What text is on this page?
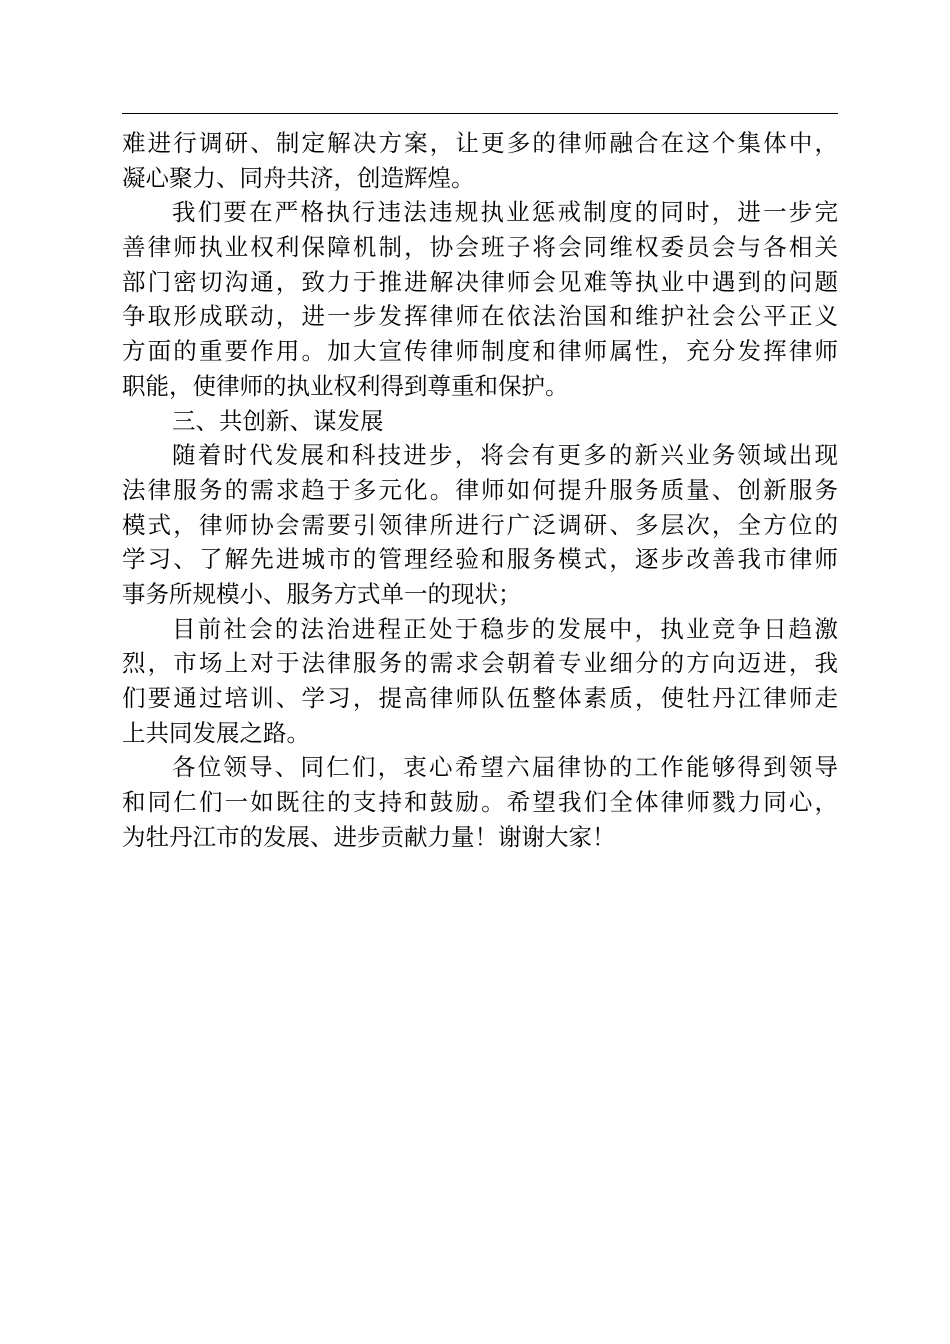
难进行调研、制定解决方案，让更多的律师融合在这个集体中，
凝心聚力、同舟共济，创造辉煌。
我们要在严格执行违法违规执业惩戒制度的同时，进一步完
善律师执业权利保障机制，协会班子将会同维权委员会与各相关
部门密切沟通，致力于推进解决律师会见难等执业中遇到的问题
争取形成联动，进一步发挥律师在依法治国和维护社会公平正义
方面的重要作用。加大宣传律师制度和律师属性，充分发挥律师
职能，使律师的执业权利得到尊重和保护。
三、共创新、谋发展
随着时代发展和科技进步，将会有更多的新兴业务领域出现
法律服务的需求趋于多元化。律师如何提升服务质量、创新服务
模式，律师协会需要引领律所进行广泛调研、多层次，全方位的
学习、了解先进城市的管理经验和服务模式，逐步改善我市律师
事务所规模小、服务方式单一的现状；
目前社会的法治进程正处于稳步的发展中，执业竞争日趋激
烈，市场上对于法律服务的需求会朝着专业细分的方向迈进，我
们要通过培训、学习，提高律师队伍整体素质，使牡丹江律师走
上共同发展之路。
各位领导、同仁们，衷心希望六届律协的工作能够得到领导
和同仁们一如既往的支持和鼓励。希望我们全体律师戮力同心，
为牡丹江市的发展、进步贡献力量！谢谢大家！
